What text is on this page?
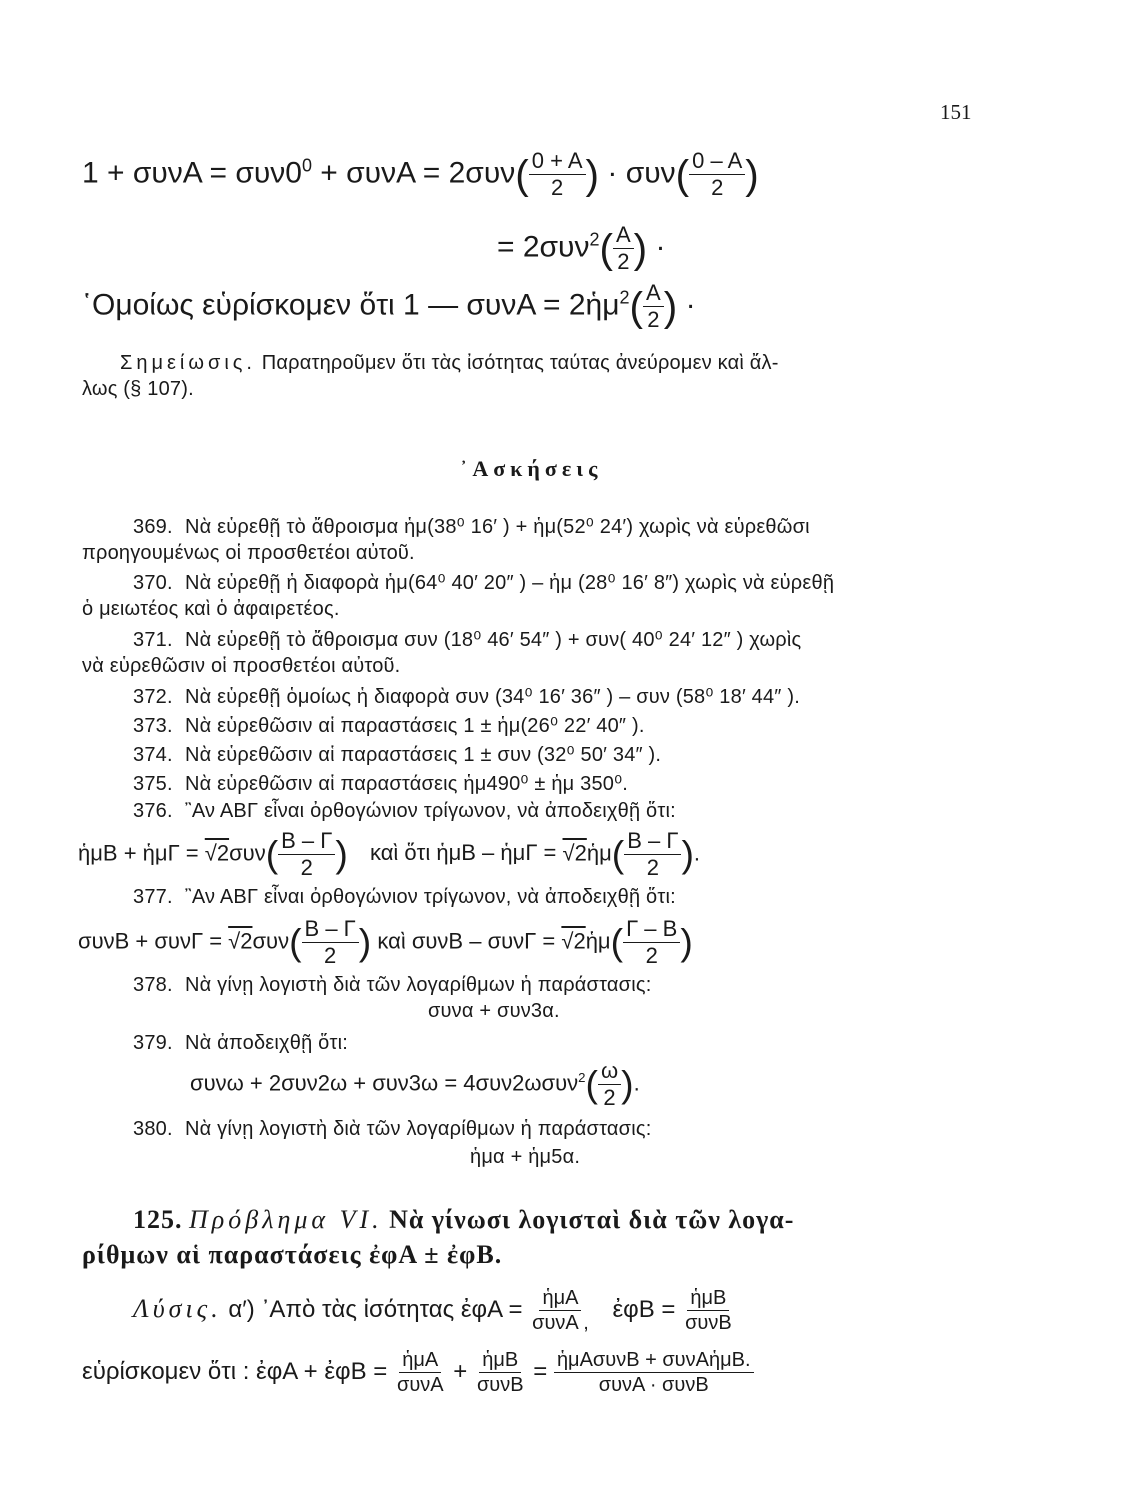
151
$1 + \sigma\upsilon\nu A = \sigma\upsilon\nu 0^0 + \sigma\upsilon\nu A = 2\sigma\upsilon\nu( \frac{0 + A}{2}$ ) · $\sigma\upsilon\nu( \frac{0 - A}{2}$ )
= $2\sigma\upsilon\nu^2( \frac{A}{2}$ ) ·
῾Ομοίως εὑρίσκομεν ὅτι 1 — συνA = 2ἡμ$^2$( $\frac{A}{2}$ ) ·
Σημείωσις. Παρατηροῦμεν ὅτι τὰς ἰσότητας ταύτας ἀνεύρομεν καὶ ἄλ-
λως (§ 107).
᾿Ασκήσεις
369. Νὰ εὑρεθῇ τὸ ἄθροισμα ἡμ(38⁰ 16′ ) + ἡμ(52⁰ 24′) χωρὶς νὰ εὑρεθῶσι
προηγουμένως οἱ προσθετέοι αὐτοῦ.
370. Νὰ εὑρεθῇ ἡ διαφορὰ ἡμ(64⁰ 40′ 20″ ) – ἡμ (28⁰ 16′ 8″) χωρὶς νὰ εὑρεθῇ
ὁ μειωτέος καὶ ὁ ἀφαιρετέος.
371. Νὰ εὑρεθῇ τὸ ἄθροισμα συν (18⁰ 46′ 54″ ) + συν( 40⁰ 24′ 12″ ) χωρὶς
νὰ εὑρεθῶσιν οἱ προσθετέοι αὐτοῦ.
372. Νὰ εὑρεθῇ ὁμοίως ἡ διαφορὰ συν (34⁰ 16′ 36″ ) – συν (58⁰ 18′ 44″ ).
373. Νὰ εὑρεθῶσιν αἱ παραστάσεις 1 ± ἡμ(26⁰ 22′ 40″ ).
374. Νὰ εὑρεθῶσιν αἱ παραστάσεις 1 ± συν (32⁰ 50′ 34″ ).
375. Νὰ εὑρεθῶσιν αἱ παραστάσεις ἡμ490⁰ ± ἡμ 350⁰.
376. ῍Αν ΑΒΓ εἶναι ὀρθογώνιον τρίγωνον, νὰ ἀποδειχθῇ ὅτι:
ἡμB + ἡμΓ = $√2\sigma\upsilon\nu( \frac{B - \Gamma}{2}$ ) καὶ ὅτι ἡμB – ἡμΓ = √2ἡμ( $\frac{B - \Gamma}{2}$ ).
377. ῍Αν ΑΒΓ εἶναι ὀρθογώνιον τρίγωνον, νὰ ἀποδειχθῇ ὅτι:
$\sigma\upsilon\nu B + \sigma\upsilon\nu\Gamma = √2\sigma\upsilon\nu( \frac{B - \Gamma}{2}$ ) καὶ συνB – συνΓ = √2ἡμ( $\frac{\Gamma - B}{2}$ )
378. Νὰ γίνῃ λογιστὴ διὰ τῶν λογαρίθμων ἡ παράστασις:
συνα + συν3α.
379. Νὰ ἀποδειχθῇ ὅτι:
$\sigma\upsilon\nu\omega + 2\sigma\upsilon\nu 2\omega + \sigma\upsilon\nu 3\omega = 4\sigma\upsilon\nu 2\omega\sigma\upsilon\nu^2( \frac{\omega}{2}$ ).
380. Νὰ γίνῃ λογιστὴ διὰ τῶν λογαρίθμων ἡ παράστασις:
ἡμα + ἡμ5α.
125. Πρόβλημα VI. Νὰ γίνωσι λογισταὶ διὰ τῶν λογα-
ρίθμων αἱ παραστάσεις ἐφA ± ἐφB.
Λύσις. α′) ᾿Απὸ τὰς ἰσότητας ἐφA = $\frac{\text{ἡμA}}{\text{συνA ,}}$ ἐφB = $\frac{\text{ἡμB}}{\text{συνB}}$
εὑρίσκομεν ὅτι : ἐφA + ἐφB = $\frac{\text{ἡμA}}{\text{συνA}} + \frac{\text{ἡμB}}{\text{συνB}} = \frac{\text{ἡμAσυνB + συνAἡμB.}}{\text{συνA · συνB}}$
